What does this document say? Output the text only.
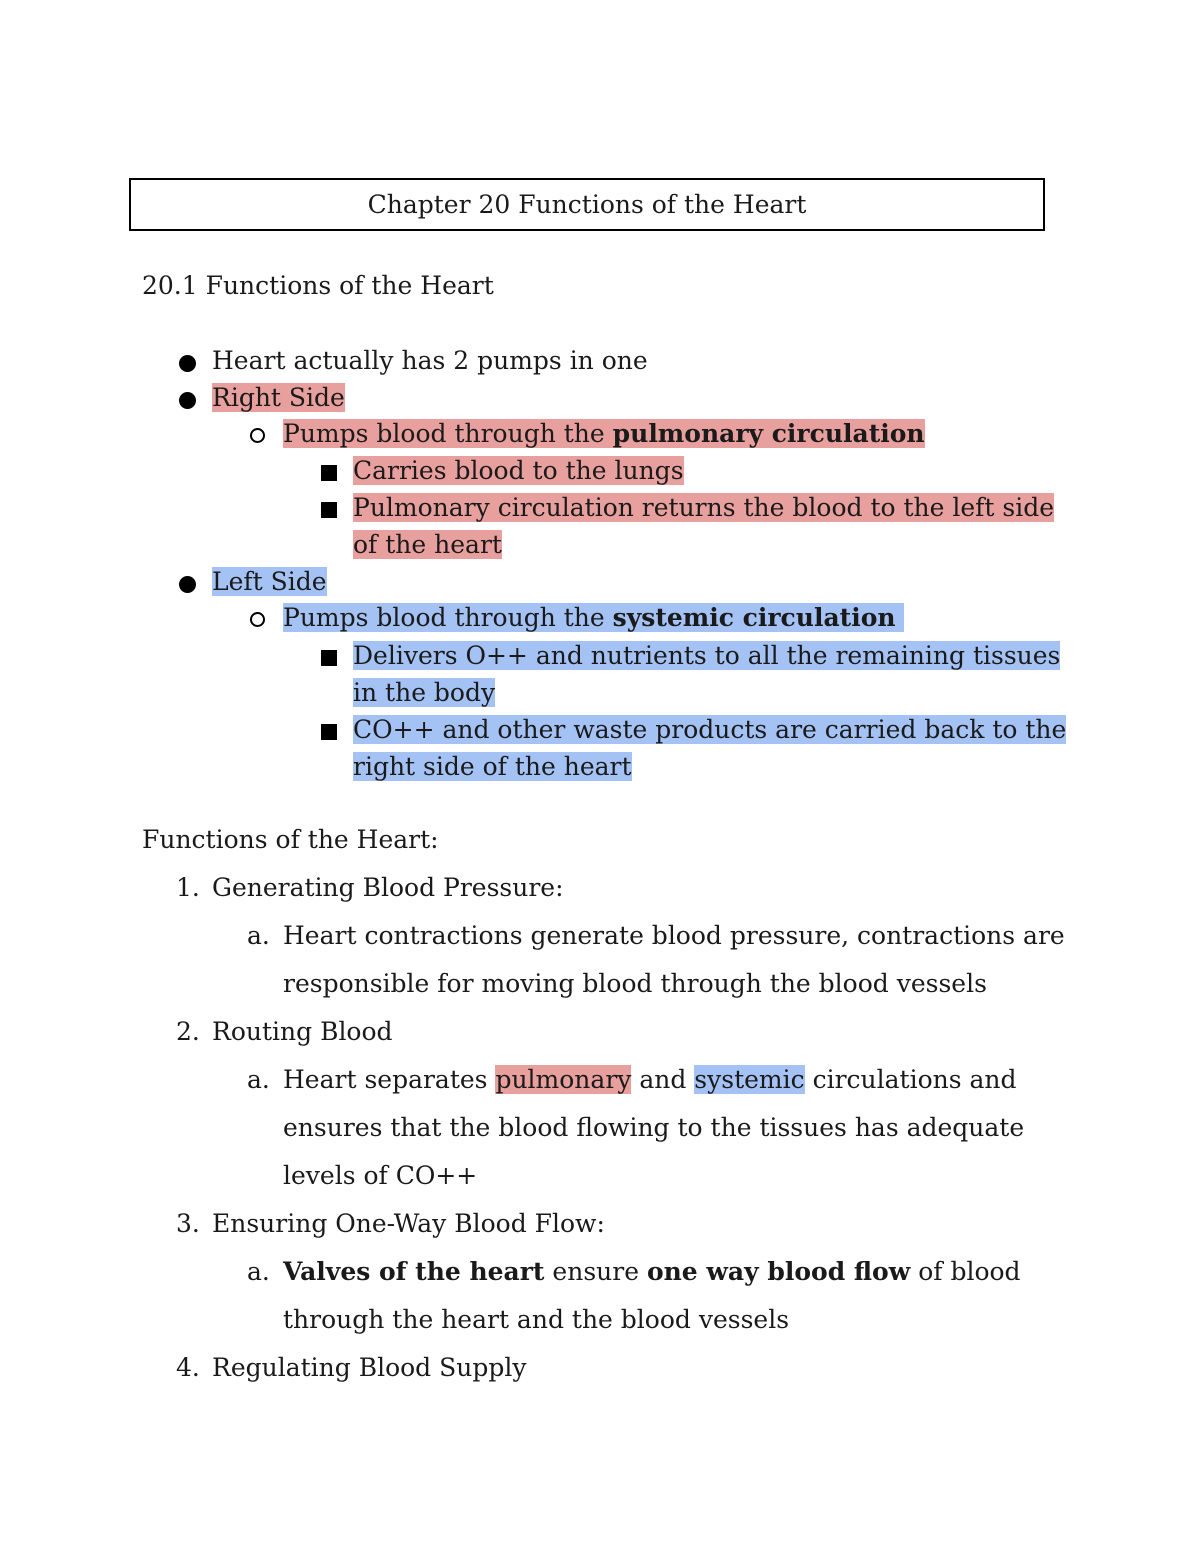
Chapter 20 Functions of the Heart
20.1 Functions of the Heart
Heart actually has 2 pumps in one
Right Side
Pumps blood through the pulmonary circulation
Carries blood to the lungs
Pulmonary circulation returns the blood to the left side
of the heart
Left Side
Pumps blood through the systemic circulation
Delivers O++ and nutrients to all the remaining tissues
in the body
CO++ and other waste products are carried back to the
right side of the heart
Functions of the Heart:
1. Generating Blood Pressure:
a. Heart contractions generate blood pressure, contractions are
responsible for moving blood through the blood vessels
2. Routing Blood
a. Heart separates pulmonary and systemic circulations and
ensures that the blood flowing to the tissues has adequate
levels of CO++
3. Ensuring One-Way Blood Flow:
a. Valves of the heart ensure one way blood flow of blood
through the heart and the blood vessels
4. Regulating Blood Supply
